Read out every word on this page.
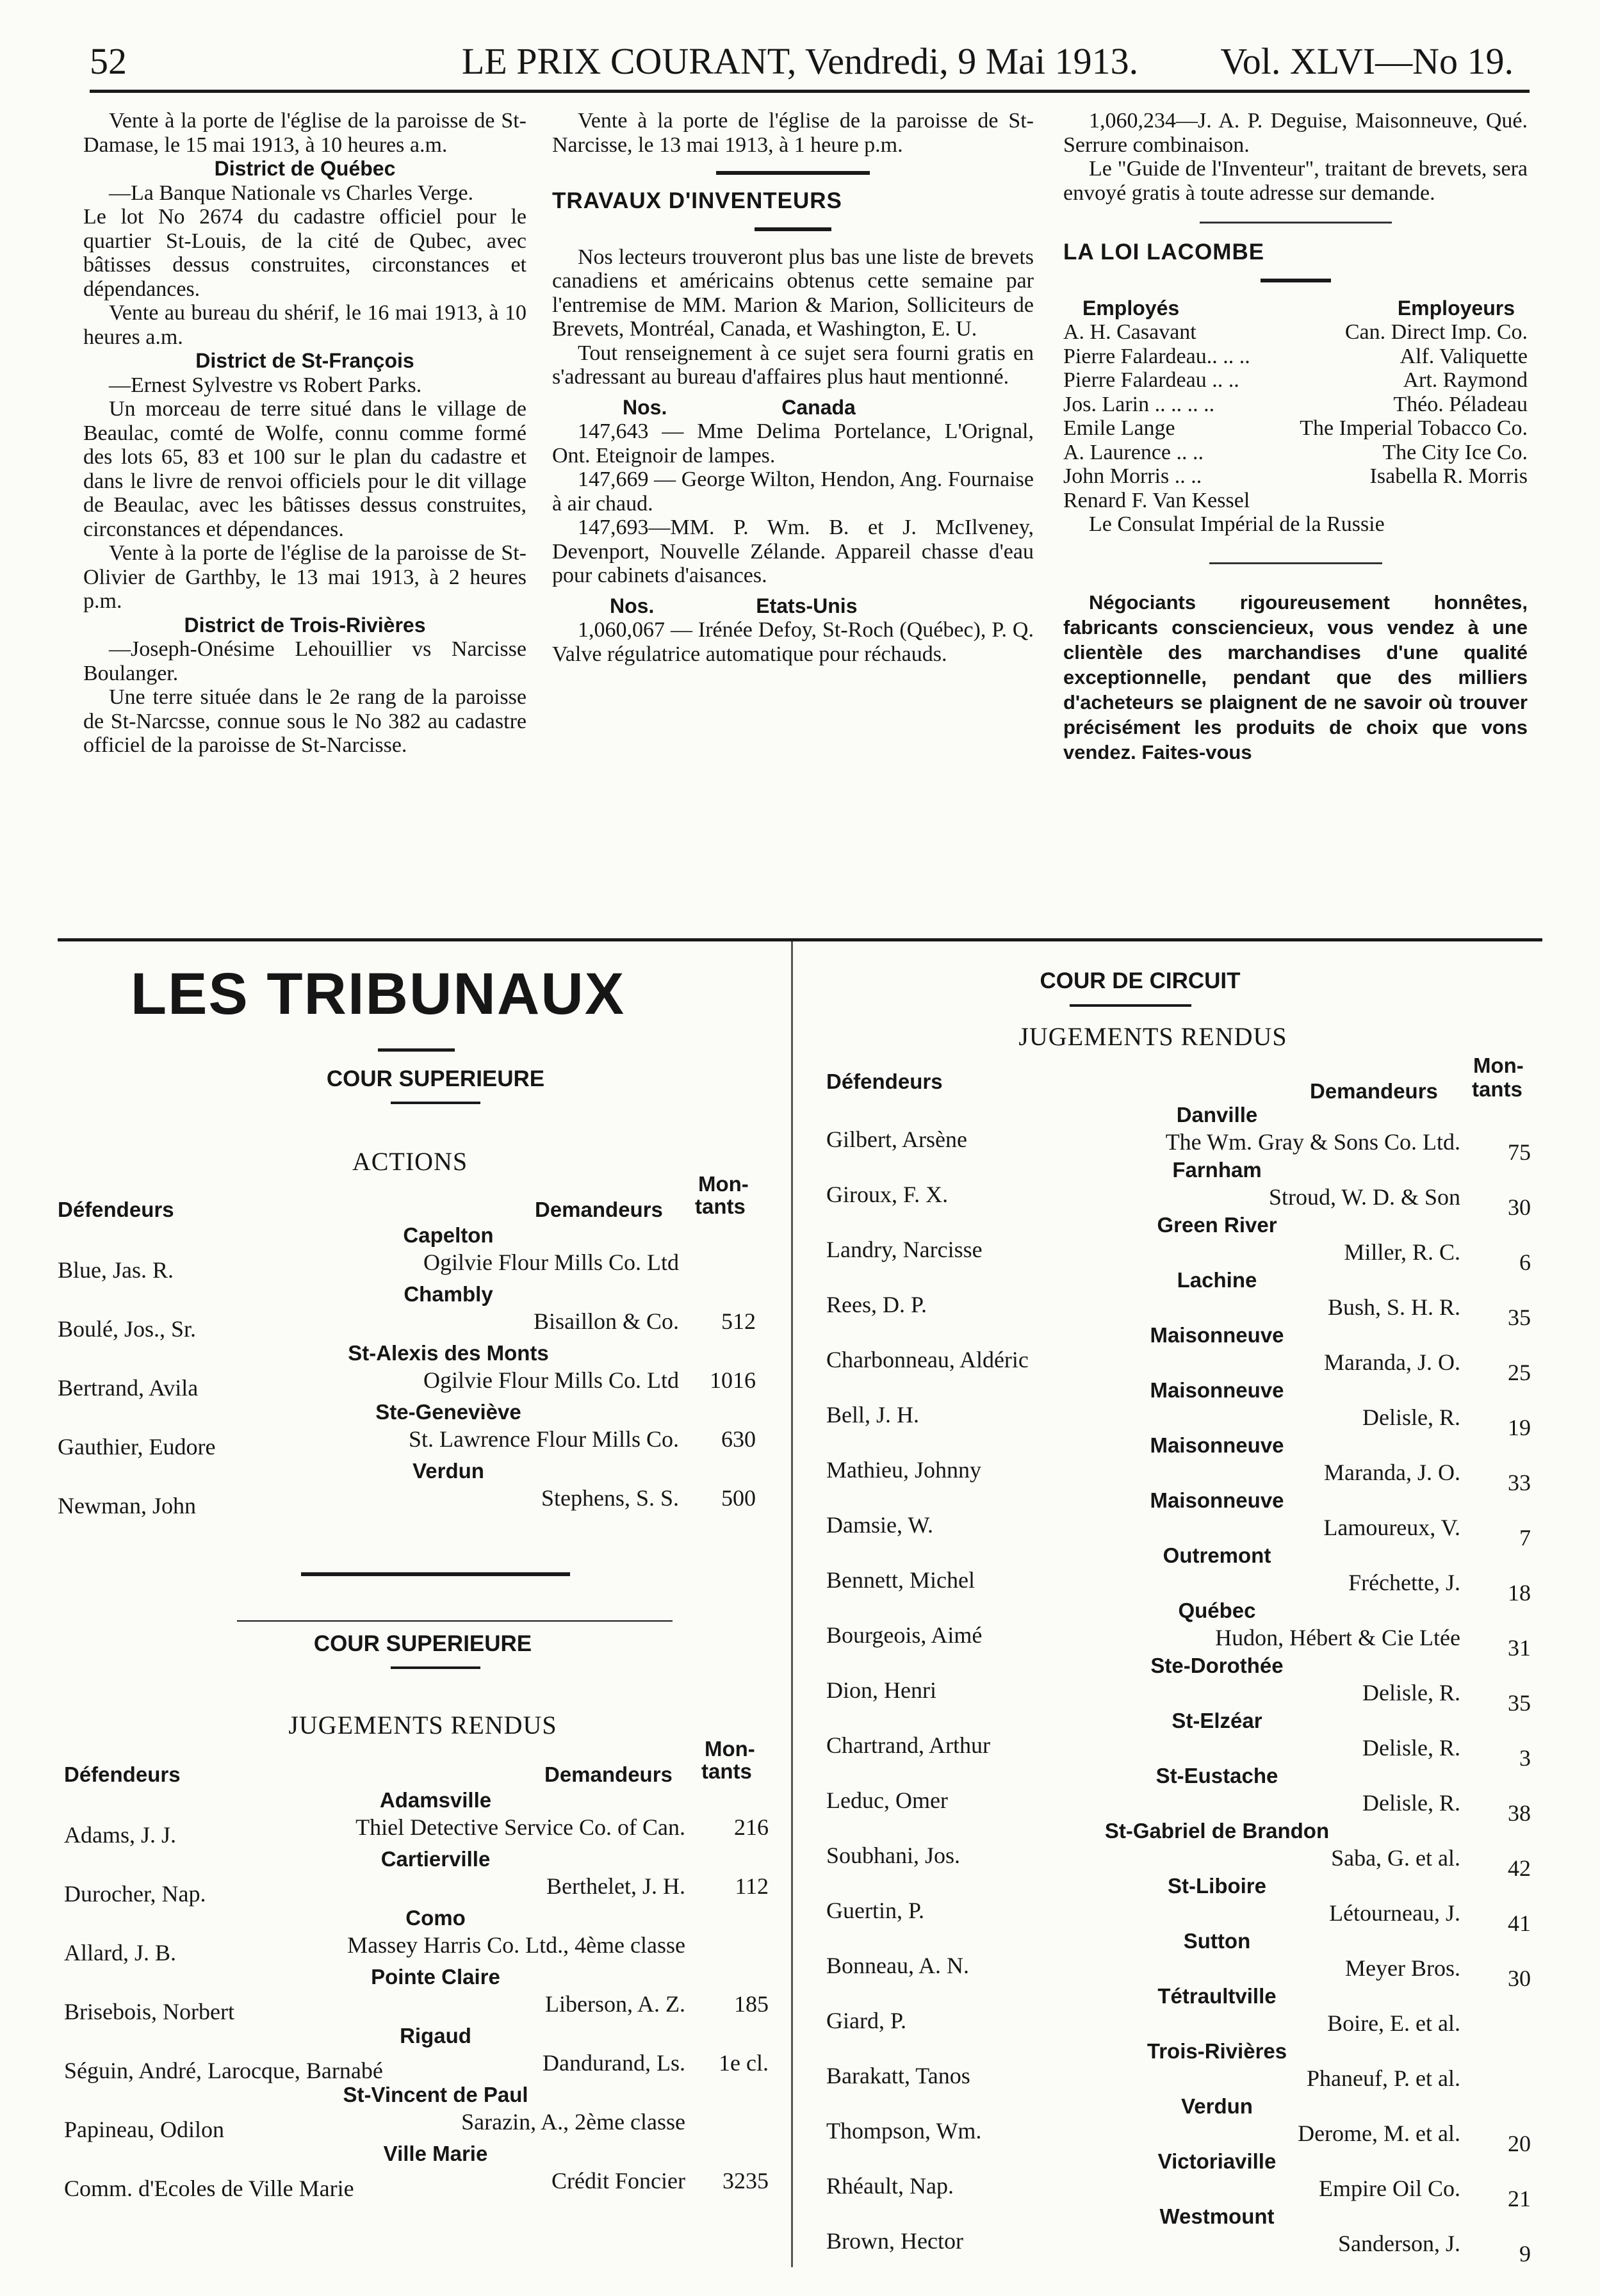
52	LE PRIX COURANT, Vendredi, 9 Mai 1913.	Vol. XLVI—No 19.

Vente à la porte de l'église de la paroisse de St-Damase, le 15 mai 1913, à 10 heures a.m.

District de Québec

—La Banque Nationale vs Charles Verge.

Le lot No 2674 du cadastre officiel pour le quartier St-Louis, de la cité de Qubec, avec bâtisses dessus construites, circonstances et dépendances.

Vente au bureau du shérif, le 16 mai 1913, à 10 heures a.m.

District de St-François

—Ernest Sylvestre vs Robert Parks.

Un morceau de terre situé dans le village de Beaulac, comté de Wolfe, connu comme formé des lots 65, 83 et 100 sur le plan du cadastre et dans le livre de renvoi officiels pour le dit village de Beaulac, avec les bâtisses dessus construites, circonstances et dépendances.

Vente à la porte de l'église de la paroisse de St-Olivier de Garthby, le 13 mai 1913, à 2 heures p.m.

District de Trois-Rivières

—Joseph-Onésime Lehouillier vs Narcisse Boulanger.

Une terre située dans le 2e rang de la paroisse de St-Narcsse, connue sous le No 382 au cadastre officiel de la paroisse de St-Narcisse.

Vente à la porte de l'église de la paroisse de St-Narcisse, le 13 mai 1913, à 1 heure p.m.

TRAVAUX D'INVENTEURS

Nos lecteurs trouveront plus bas une liste de brevets canadiens et américains obtenus cette semaine par l'entremise de MM. Marion & Marion, Solliciteurs de Brevets, Montréal, Canada, et Washington, E. U.

Tout renseignement à ce sujet sera fourni gratis en s'adressant au bureau d'affaires plus haut mentionné.

Nos.	Canada

147,643 — Mme Delima Portelance, L'Orignal, Ont. Eteignoir de lampes.

147,669 — George Wilton, Hendon, Ang. Fournaise à air chaud.

147,693—MM. P. Wm. B. et J. McIlveney, Devenport, Nouvelle Zélande. Appareil chasse d'eau pour cabinets d'aisances.

Nos.	Etats-Unis

1,060,067 — Irénée Defoy, St-Roch (Québec), P. Q. Valve régulatrice automatique pour réchauds.

1,060,234—J. A. P. Deguise, Maisonneuve, Qué. Serrure combinaison.

Le "Guide de l'Inventeur", traitant de brevets, sera envoyé gratis à toute adresse sur demande.

LA LOI LACOMBE

Employés	Employeurs

A. H. Casavant	Can. Direct Imp. Co.
Pierre Falardeau.. .. ..	Alf. Valiquette
Pierre Falardeau .. ..	Art. Raymond
Jos. Larin .. .. .. ..	Théo. Péladeau
Emile Lange	The Imperial Tobacco Co.
A. Laurence .. ..	The City Ice Co.
John Morris .. ..	Isabella R. Morris
Renard F. Van Kessel

Le Consulat Impérial de la Russie

Négociants rigoureusement honnêtes, fabricants consciencieux, vous vendez à une clientèle des marchandises d'une qualité exceptionnelle, pendant que des milliers d'acheteurs se plaignent de ne savoir où trouver précisément les produits de choix que vons vendez. Faites-vous

LES TRIBUNAUX
COUR SUPERIEURE
ACTIONS
Défendeurs	Demandeurs
Mon-
tants
Capelton
Blue, Jas. R.	Ogilvie Flour Mills Co. Ltd
Chambly
Boulé, Jos., Sr.	Bisaillon & Co.	512
St-Alexis des Monts
Bertrand, Avila	Ogilvie Flour Mills Co. Ltd	1016
Ste-Geneviève
Gauthier, Eudore	St. Lawrence Flour Mills Co.	630
Verdun
Newman, John	Stephens, S. S.	500
COUR SUPERIEURE
JUGEMENTS RENDUS
Défendeurs	Demandeurs
Mon-
tants
Adamsville
Adams, J. J.	Thiel Detective Service Co. of Can.	216
Cartierville
Durocher, Nap.	Berthelet, J. H.	112
Como
Allard, J. B.	Massey Harris Co. Ltd., 4ème classe
Pointe Claire
Brisebois, Norbert	Liberson, A. Z.	185
Rigaud
Séguin, André, Larocque, Barnabé	Dandurand, Ls.	1e cl.
St-Vincent de Paul
Papineau, Odilon	Sarazin, A., 2ème classe
Ville Marie
Comm. d'Ecoles de Ville Marie	Crédit Foncier	3235
COUR DE CIRCUIT
JUGEMENTS RENDUS
Défendeurs	Demandeurs
Mon-
tants
Danville
Gilbert, Arsène	The Wm. Gray & Sons Co. Ltd.	75
Farnham
Giroux, F. X.	Stroud, W. D. & Son	30
Green River
Landry, Narcisse	Miller, R. C.	6
Lachine
Rees, D. P.	Bush, S. H. R.	35
Maisonneuve
Charbonneau, Aldéric	Maranda, J. O.	25
Maisonneuve
Bell, J. H.	Delisle, R.	19
Maisonneuve
Mathieu, Johnny	Maranda, J. O.	33
Maisonneuve
Damsie, W.	Lamoureux, V.	7
Outremont
Bennett, Michel	Fréchette, J.	18
Québec
Bourgeois, Aimé	Hudon, Hébert & Cie Ltée	31
Ste-Dorothée
Dion, Henri	Delisle, R.	35
St-Elzéar
Chartrand, Arthur	Delisle, R.	3
St-Eustache
Leduc, Omer	Delisle, R.	38
St-Gabriel de Brandon
Soubhani, Jos.	Saba, G. et al.	42
St-Liboire
Guertin, P.	Létourneau, J.	41
Sutton
Bonneau, A. N.	Meyer Bros.	30
Tétraultville
Giard, P.	Boire, E. et al.
Trois-Rivières
Barakatt, Tanos	Phaneuf, P. et al.
Verdun
Thompson, Wm.	Derome, M. et al.	20
Victoriaville
Rhéault, Nap.	Empire Oil Co.	21
Westmount
Brown, Hector	Sanderson, J.	9
